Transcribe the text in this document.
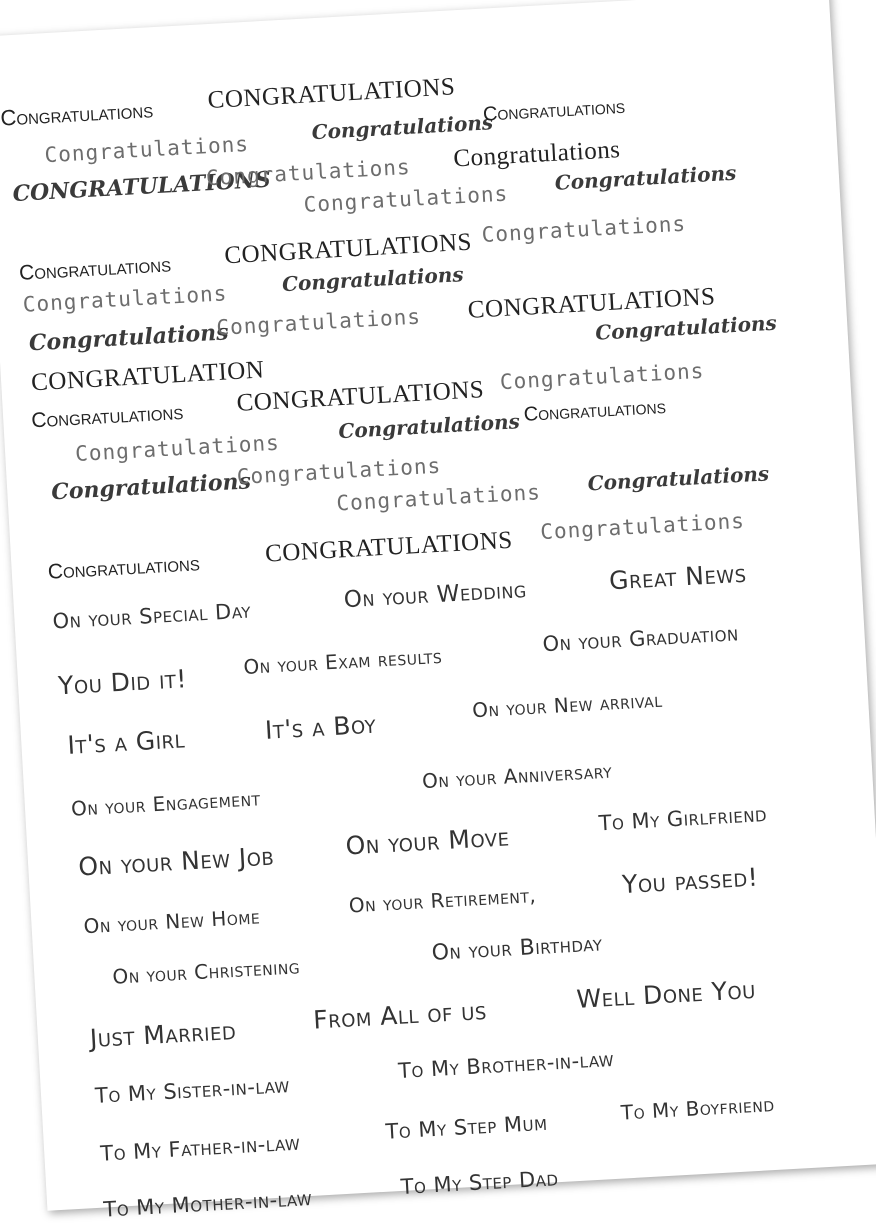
Congratulations CONGRATULATIONS
Congratulations
Congratulations
Congratulations
CONGRATULATIONS
Congratulations
Congratulations
Congratulations
Congratulations
Congratulations CONGRATULATIONS Congratulations
Congratulations
Congratulations
Congratulations
Congratulations CONGRATULATIONS
Congratulations
CONGRATULATION
Congratulations CONGRATULATIONS Congratulations
Congratulations
Congratulations Congratulations
Congratulations
Congratulations
Congratulations
Congratulations
Congratulations
CONGRATULATIONS
Congratulations
On your Special Day
On your Wedding	Great News
You Did it!
On your Exam results
On your Graduation
It's a Girl	It's a Boy
On your New arrival
On your Engagement
On your Anniversary
On your New Job
On your Move
To My Girlfriend
On your New Home
On your Retirement,
You passed!
On your Christening
On your Birthday
Just Married	From All of us
Well Done You
To My Sister-in-law
To My Brother-in-law
To My Father-in-law
To My Step Mum
To My Boyfriend
To My Mother-in-law
To My Step Dad
